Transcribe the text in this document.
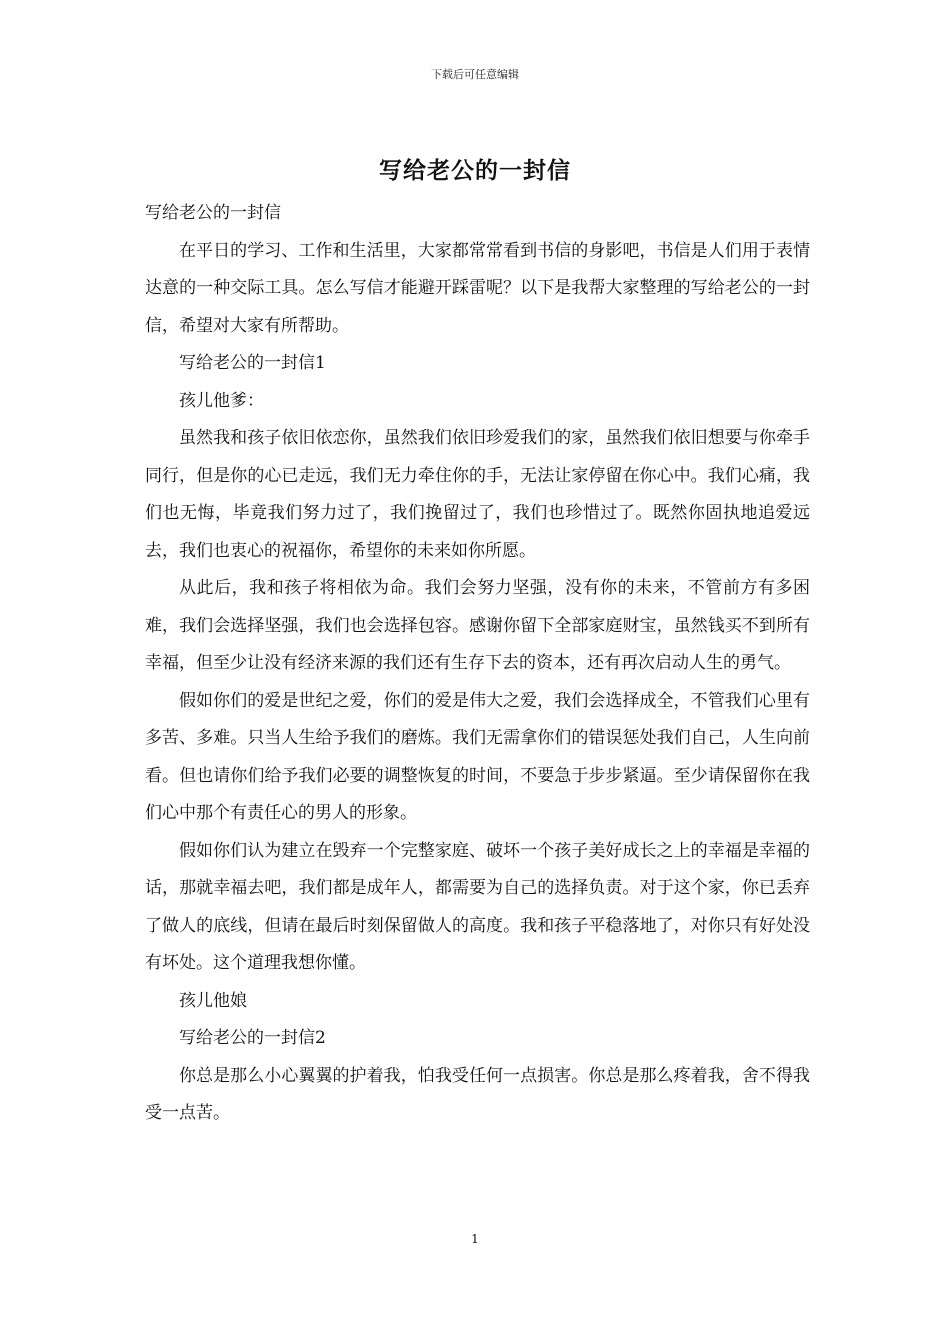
下载后可任意编辑
写给老公的一封信

写给老公的一封信

在平日的学习、工作和生活里，大家都常常看到书信的身影吧，书信是人们用于表情达意的一种交际工具。怎么写信才能避开踩雷呢？以下是我帮大家整理的写给老公的一封信，希望对大家有所帮助。

写给老公的一封信1

孩儿他爹：

虽然我和孩子依旧依恋你，虽然我们依旧珍爱我们的家，虽然我们依旧想要与你牵手同行，但是你的心已走远，我们无力牵住你的手，无法让家停留在你心中。我们心痛，我们也无悔，毕竟我们努力过了，我们挽留过了，我们也珍惜过了。既然你固执地追爱远去，我们也衷心的祝福你，希望你的未来如你所愿。

从此后，我和孩子将相依为命。我们会努力坚强，没有你的未来，不管前方有多困难，我们会选择坚强，我们也会选择包容。感谢你留下全部家庭财宝，虽然钱买不到所有幸福，但至少让没有经济来源的我们还有生存下去的资本，还有再次启动人生的勇气。

假如你们的爱是世纪之爱，你们的爱是伟大之爱，我们会选择成全，不管我们心里有多苦、多难。只当人生给予我们的磨炼。我们无需拿你们的错误惩处我们自己，人生向前看。但也请你们给予我们必要的调整恢复的时间，不要急于步步紧逼。至少请保留你在我们心中那个有责任心的男人的形象。

假如你们认为建立在毁弃一个完整家庭、破坏一个孩子美好成长之上的幸福是幸福的话，那就幸福去吧，我们都是成年人，都需要为自己的选择负责。对于这个家，你已丢弃了做人的底线，但请在最后时刻保留做人的高度。我和孩子平稳落地了，对你只有好处没有坏处。这个道理我想你懂。

孩儿他娘

写给老公的一封信2

你总是那么小心翼翼的护着我，怕我受任何一点损害。你总是那么疼着我，舍不得我受一点苦。

1
